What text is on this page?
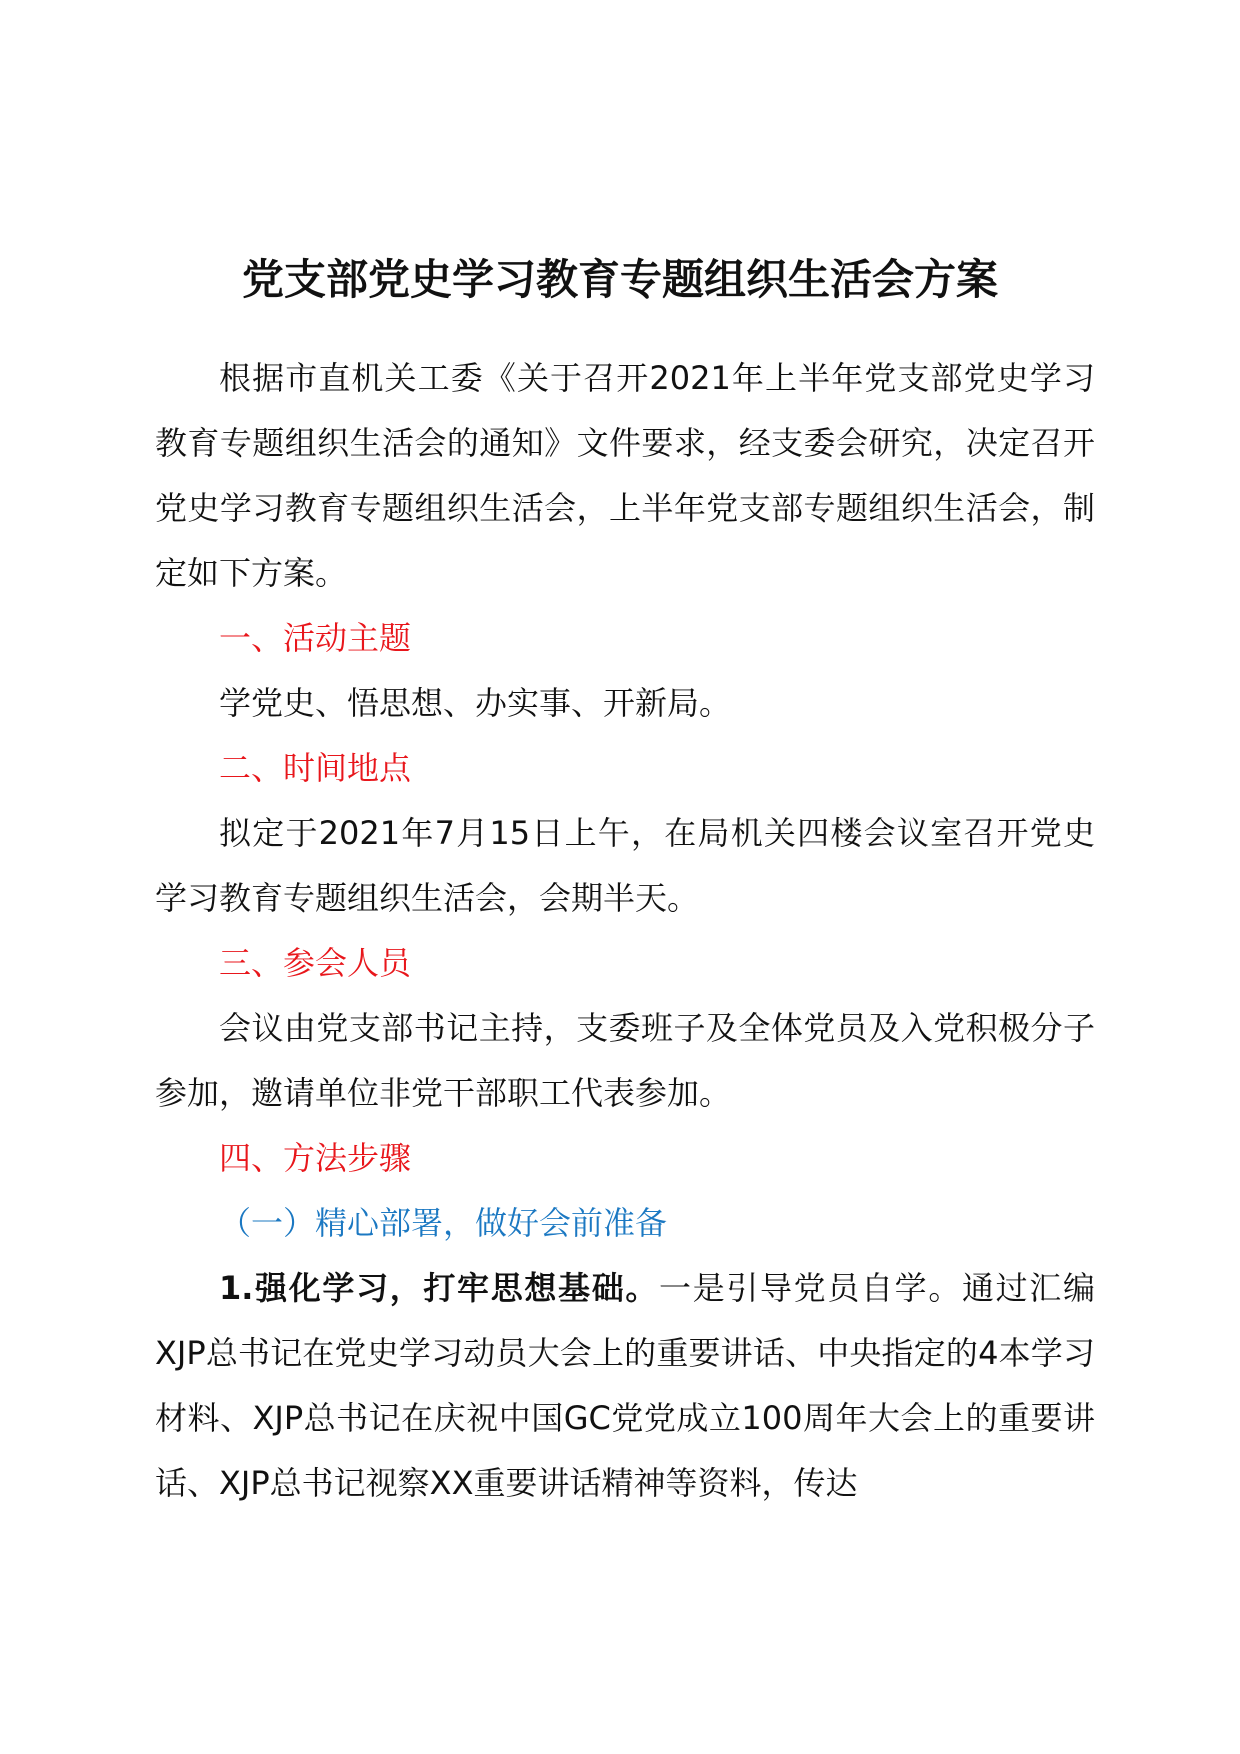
党支部党史学习教育专题组织生活会方案

根据市直机关工委《关于召开2021年上半年党支部党史学习教育专题组织生活会的通知》文件要求，经支委会研究，决定召开党史学习教育专题组织生活会，上半年党支部专题组织生活会，制定如下方案。

一、活动主题

学党史、悟思想、办实事、开新局。

二、时间地点

拟定于2021年7月15日上午，在局机关四楼会议室召开党史学习教育专题组织生活会，会期半天。

三、参会人员

会议由党支部书记主持，支委班子及全体党员及入党积极分子参加，邀请单位非党干部职工代表参加。

四、方法步骤

（一）精心部署，做好会前准备

1.强化学习，打牢思想基础。一是引导党员自学。通过汇编XJP总书记在党史学习动员大会上的重要讲话、中央指定的4本学习材料、XJP总书记在庆祝中国GC党党成立100周年大会上的重要讲话、XJP总书记视察XX重要讲话精神等资料，传达
